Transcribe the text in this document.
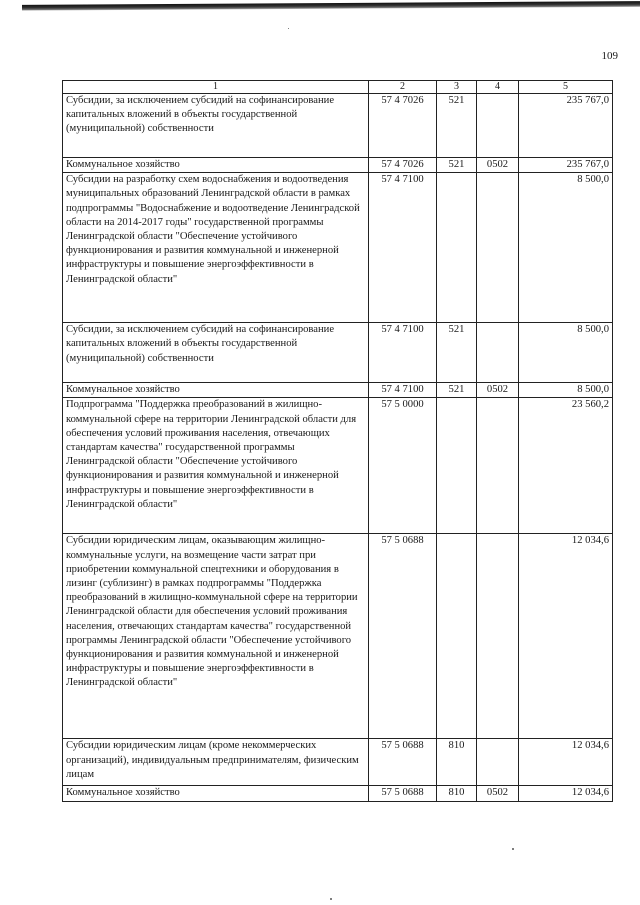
109
1	2	3	4	5
Субсидии, за исключением субсидий на софинансирование капитальных вложений в объекты государственной (муниципальной) собственности	57 4 7026	521		235 767,0
Коммунальное хозяйство	57 4 7026	521	0502	235 767,0
Субсидии на разработку схем водоснабжения и водоотведения муниципальных образований Ленинградской области в рамках подпрограммы "Водоснабжение и водоотведение Ленинградской области на 2014-2017 годы" государственной программы Ленинградской области "Обеспечение устойчивого функционирования и развития коммунальной и инженерной инфраструктуры и повышение энергоэффективности в Ленинградской области"	57 4 7100			8 500,0
Субсидии, за исключением субсидий на софинансирование капитальных вложений в объекты государственной (муниципальной) собственности	57 4 7100	521		8 500,0
Коммунальное хозяйство	57 4 7100	521	0502	8 500,0
Подпрограмма "Поддержка преобразований в жилищно-коммунальной сфере на территории Ленинградской области для обеспечения условий проживания населения, отвечающих стандартам качества" государственной программы Ленинградской области "Обеспечение устойчивого функционирования и развития коммунальной и инженерной инфраструктуры и повышение энергоэффективности в Ленинградской области"	57 5 0000			23 560,2
Субсидии юридическим лицам, оказывающим жилищно-коммунальные услуги, на возмещение части затрат при приобретении коммунальной спецтехники и оборудования в лизинг (сублизинг) в рамках подпрограммы "Поддержка преобразований в жилищно-коммунальной сфере на территории Ленинградской области для обеспечения условий проживания населения, отвечающих стандартам качества" государственной программы Ленинградской области "Обеспечение устойчивого функционирования и развития коммунальной и инженерной инфраструктуры и повышение энергоэффективности в Ленинградской области"	57 5 0688			12 034,6
Субсидии юридическим лицам (кроме некоммерческих организаций), индивидуальным предпринимателям, физическим лицам	57 5 0688	810		12 034,6
Коммунальное хозяйство	57 5 0688	810	0502	12 034,6
